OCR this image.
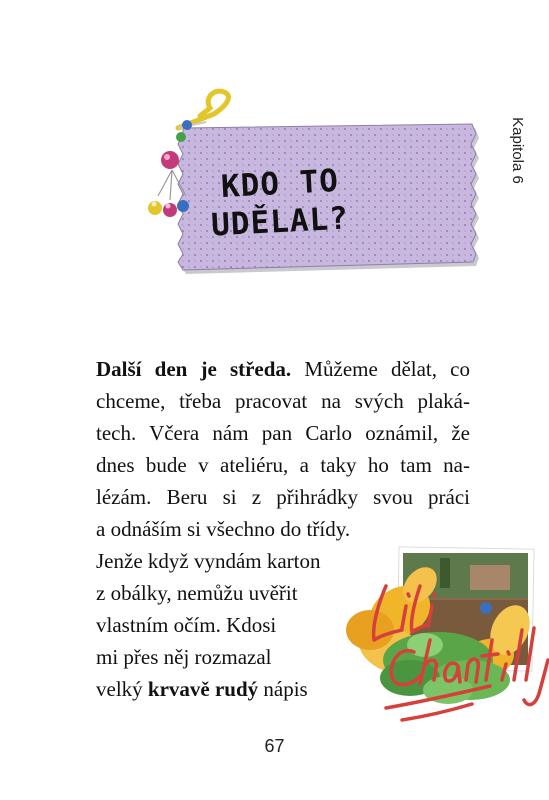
Kapitola 6
KDO TO
UDĚLAL?
Další den je středa. Můžeme dělat, co
chceme, třeba pracovat na svých plaká-
tech. Včera nám pan Carlo oznámil, že
dnes bude v ateliéru, a taky ho tam na-
lézám. Beru si z přihrádky svou práci
a odnáším si všechno do třídy.
Jenže když vyndám karton
z obálky, nemůžu uvěřit
vlastním očím. Kdosi
mi přes něj rozmazal
velký krvavě rudý nápis
67
